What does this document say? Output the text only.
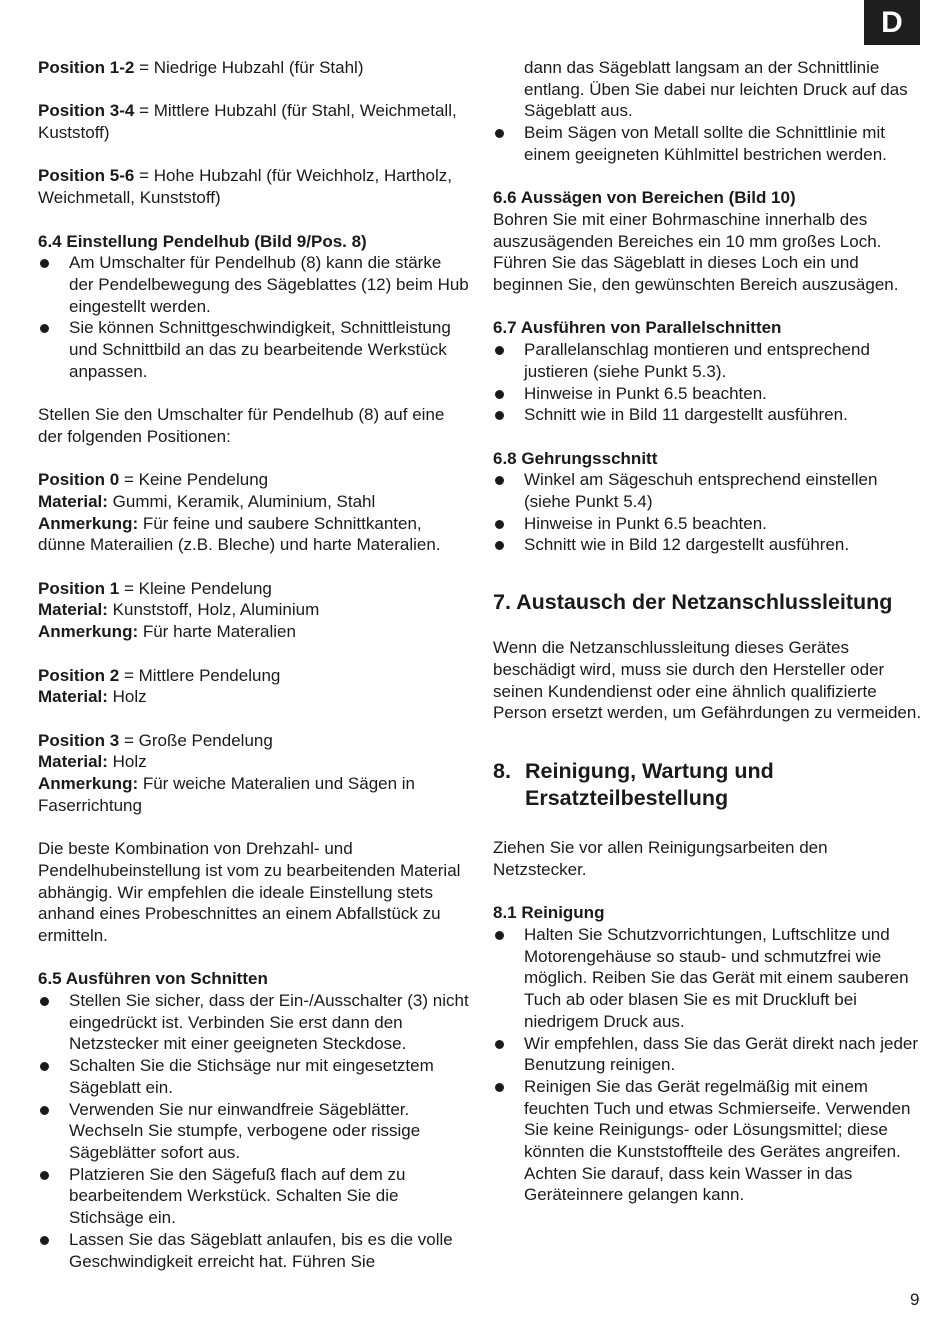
D

Position 1-2 = Niedrige Hubzahl (für Stahl)

Position 3-4 = Mittlere Hubzahl (für Stahl, Weichmetall, Kuststoff)

Position 5-6 = Hohe Hubzahl (für Weichholz, Hartholz, Weichmetall, Kunststoff)

6.4 Einstellung Pendelhub (Bild 9/Pos. 8)

Am Umschalter für Pendelhub (8) kann die stärke der Pendelbewegung des Sägeblattes (12) beim Hub eingestellt werden.
Sie können Schnittgeschwindigkeit, Schnittleistung und Schnittbild an das zu bearbeitende Werkstück anpassen.

Stellen Sie den Umschalter für Pendelhub (8) auf eine der folgenden Positionen:

Position 0 = Keine Pendelung

Material: Gummi, Keramik, Aluminium, Stahl

Anmerkung: Für feine und saubere Schnittkanten, dünne Materailien (z.B. Bleche) und harte Materalien.

Position 1 = Kleine Pendelung

Material: Kunststoff, Holz, Aluminium

Anmerkung: Für harte Materalien

Position 2 = Mittlere Pendelung

Material: Holz

Position 3 = Große Pendelung

Material: Holz

Anmerkung: Für weiche Materalien und Sägen in Faserrichtung

Die beste Kombination von Drehzahl- und Pendelhubeinstellung ist vom zu bearbeitenden Material abhängig. Wir empfehlen die ideale Einstellung stets anhand eines Probeschnittes an einem Abfallstück zu ermitteln.

6.5 Ausführen von Schnitten

Stellen Sie sicher, dass der Ein-/Ausschalter (3) nicht eingedrückt ist. Verbinden Sie erst dann den Netzstecker mit einer geeigneten Steckdose.
Schalten Sie die Stichsäge nur mit eingesetztem Sägeblatt ein.
Verwenden Sie nur einwandfreie Sägeblätter. Wechseln Sie stumpfe, verbogene oder rissige Sägeblätter sofort aus.
Platzieren Sie den Sägefuß flach auf dem zu bearbeitendem Werkstück. Schalten Sie die Stichsäge ein.
Lassen Sie das Sägeblatt anlaufen, bis es die volle Geschwindigkeit erreicht hat. Führen Sie

dann das Sägeblatt langsam an der Schnittlinie entlang. Üben Sie dabei nur leichten Druck auf das Sägeblatt aus.

Beim Sägen von Metall sollte die Schnittlinie mit einem geeigneten Kühlmittel bestrichen werden.

6.6 Aussägen von Bereichen (Bild 10)

Bohren Sie mit einer Bohrmaschine innerhalb des auszusägenden Bereiches ein 10 mm großes Loch. Führen Sie das Sägeblatt in dieses Loch ein und beginnen Sie, den gewünschten Bereich auszusägen.

6.7 Ausführen von Parallelschnitten

Parallelanschlag montieren und entsprechend justieren (siehe Punkt 5.3).
Hinweise in Punkt 6.5 beachten.
Schnitt wie in Bild 11 dargestellt ausführen.

6.8 Gehrungsschnitt

Winkel am Sägeschuh entsprechend einstellen (siehe Punkt 5.4)
Hinweise in Punkt 6.5 beachten.
Schnitt wie in Bild 12 dargestellt ausführen.

7. Austausch der Netzanschlussleitung

Wenn die Netzanschlussleitung dieses Gerätes beschädigt wird, muss sie durch den Hersteller oder seinen Kundendienst oder eine ähnlich qualifizierte Person ersetzt werden, um Gefährdungen zu vermeiden.

8. Reinigung, Wartung und Ersatzteilbestellung

Ziehen Sie vor allen Reinigungsarbeiten den Netzstecker.

8.1 Reinigung

Halten Sie Schutzvorrichtungen, Luftschlitze und Motorengehäuse so staub- und schmutzfrei wie möglich. Reiben Sie das Gerät mit einem sauberen Tuch ab oder blasen Sie es mit Druckluft bei niedrigem Druck aus.
Wir empfehlen, dass Sie das Gerät direkt nach jeder Benutzung reinigen.
Reinigen Sie das Gerät regelmäßig mit einem feuchten Tuch und etwas Schmierseife. Verwenden Sie keine Reinigungs- oder Lösungsmittel; diese könnten die Kunststoffteile des Gerätes angreifen. Achten Sie darauf, dass kein Wasser in das Geräteinnere gelangen kann.
9
